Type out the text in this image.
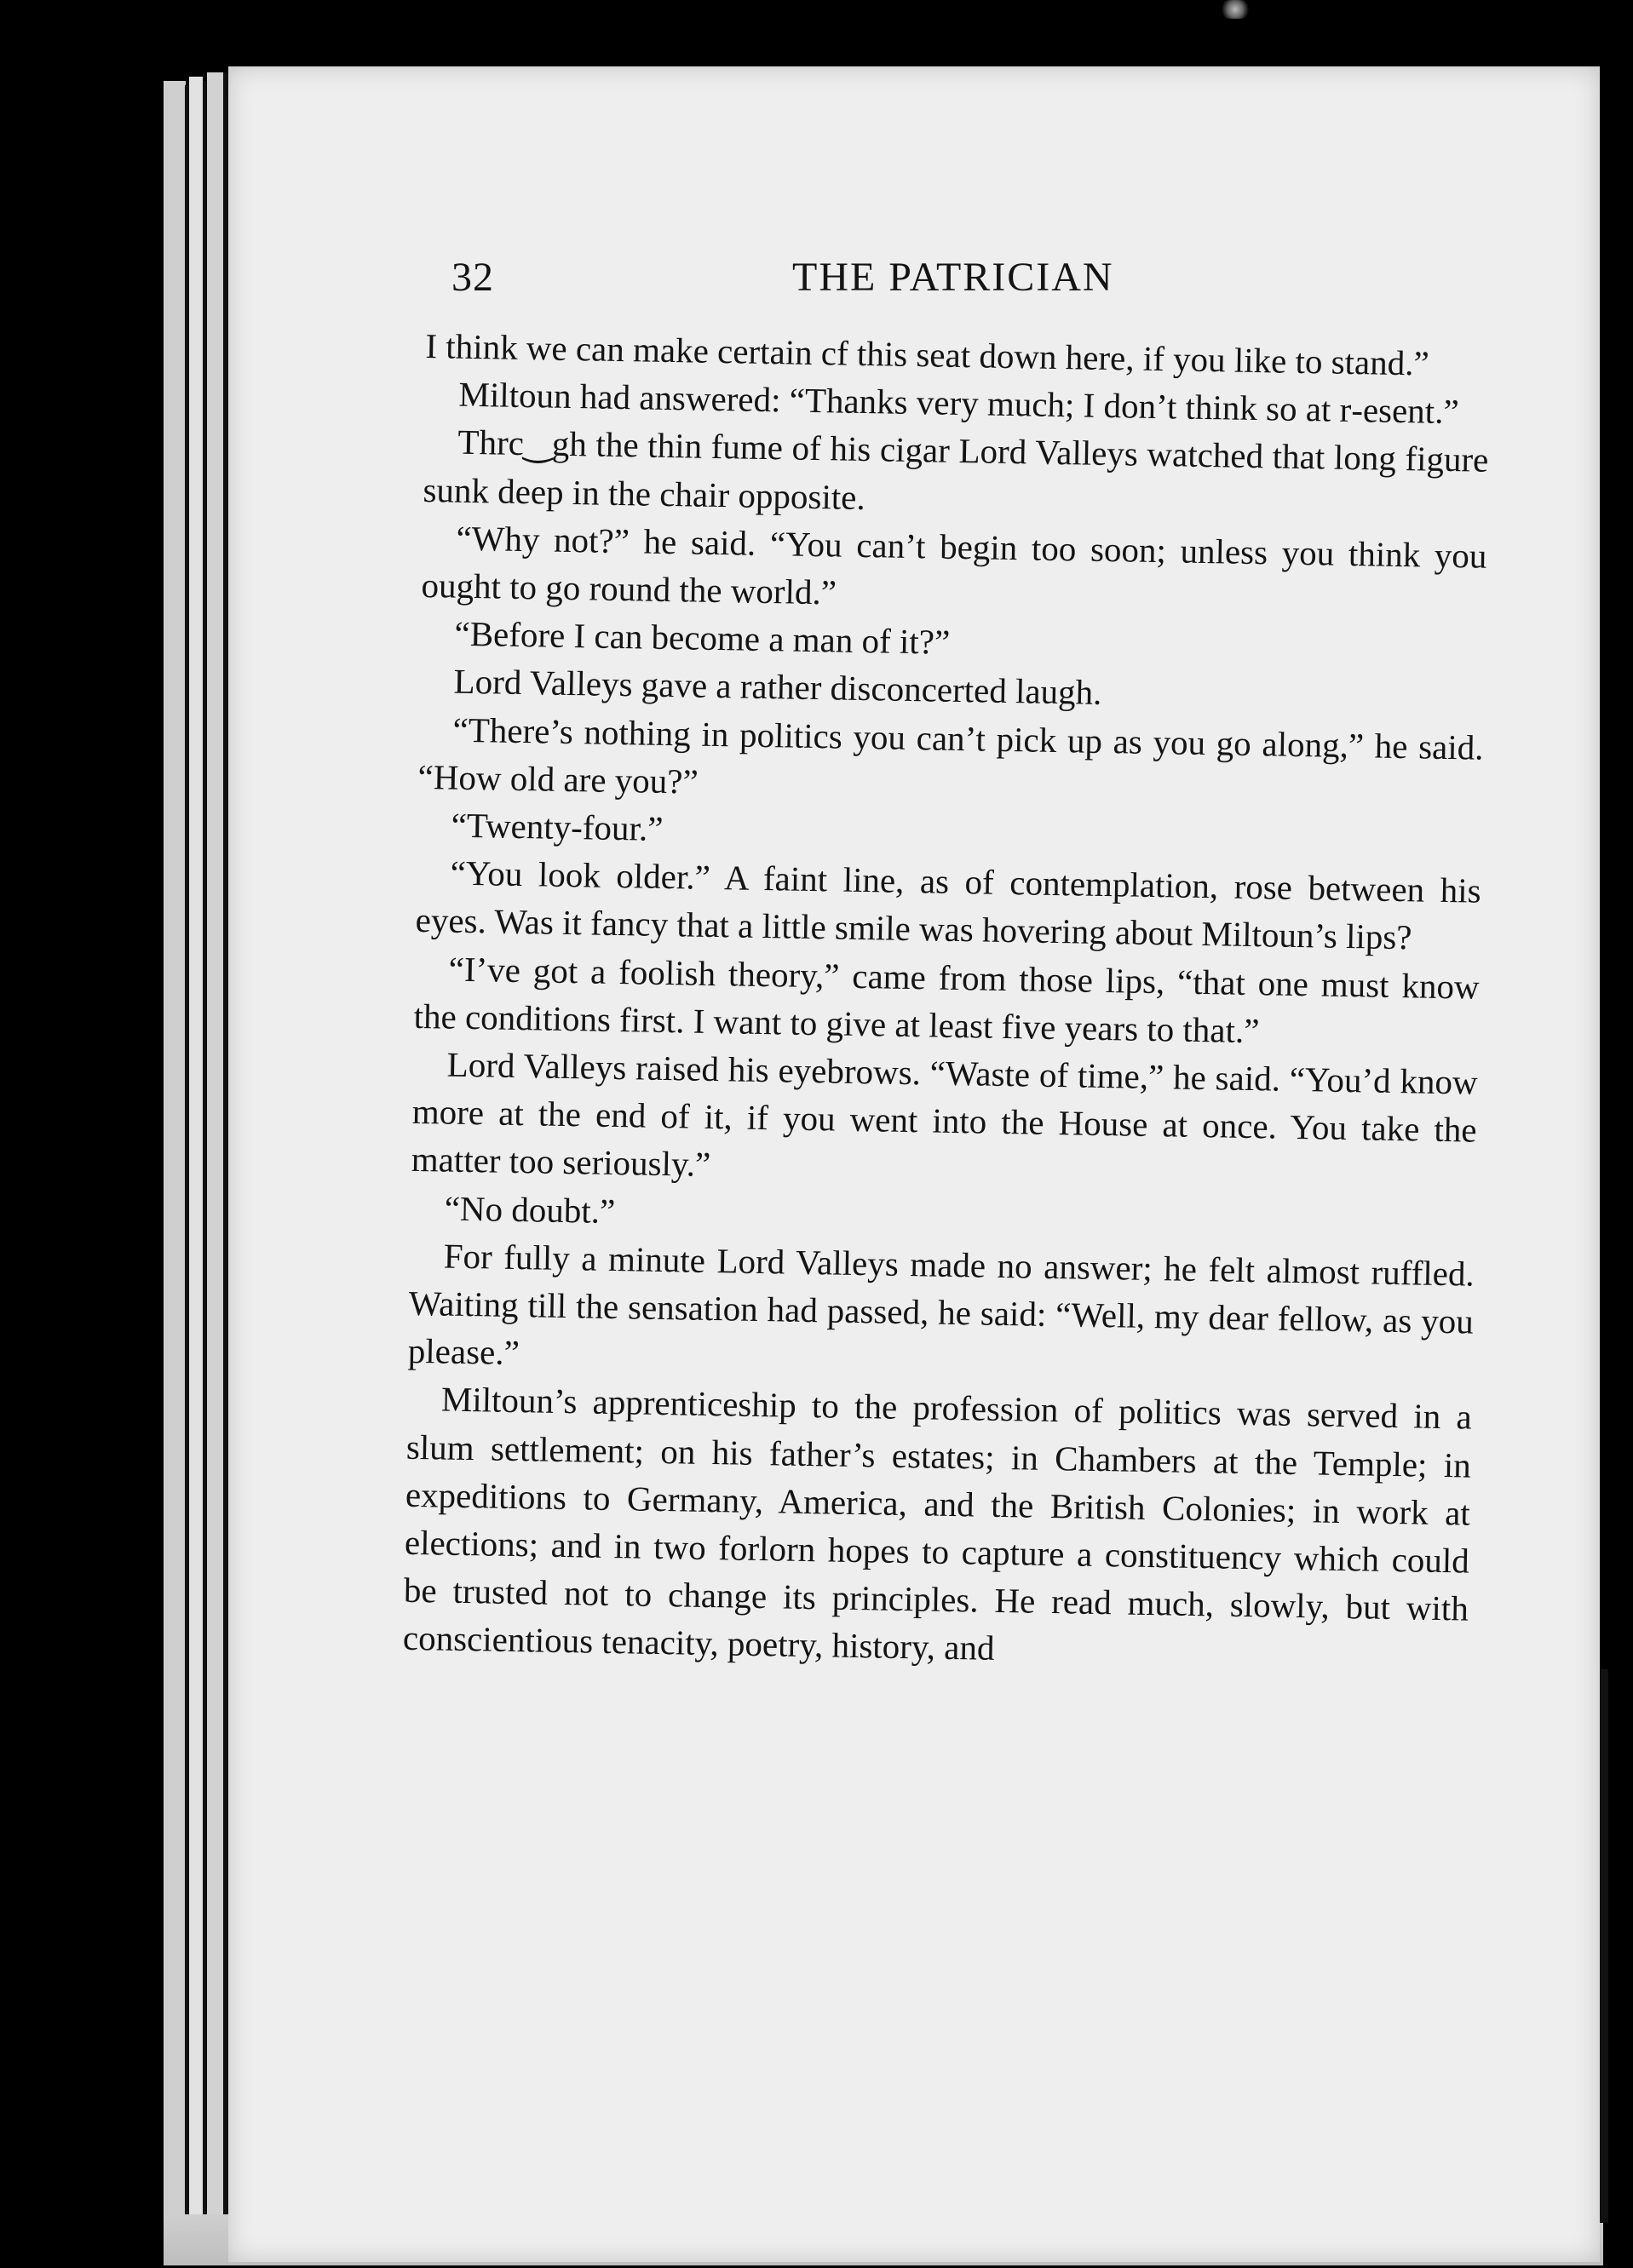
32	THE PATRICIAN

I think we can make certain cf this seat down here, if you like to stand.”

Miltoun had answered: “Thanks very much; I don’t think so at r‑esent.”

Thrc‿gh the thin fume of his cigar Lord Valleys watched that long figure sunk deep in the chair opposite.

“Why not?” he said. “You can’t begin too soon; unless you think you ought to go round the world.”

“Before I can become a man of it?”

Lord Valleys gave a rather disconcerted laugh.

“There’s nothing in politics you can’t pick up as you go along,” he said. “How old are you?”

“Twenty-four.”

“You look older.” A faint line, as of contemplation, rose between his eyes. Was it fancy that a little smile was hovering about Miltoun’s lips?

“I’ve got a foolish theory,” came from those lips, “that one must know the conditions first. I want to give at least five years to that.”

Lord Valleys raised his eyebrows. “Waste of time,” he said. “You’d know more at the end of it, if you went into the House at once. You take the matter too seriously.”

“No doubt.”

For fully a minute Lord Valleys made no answer; he felt almost ruffled. Waiting till the sensation had passed, he said: “Well, my dear fellow, as you please.”

Miltoun’s apprenticeship to the profession of politics was served in a slum settlement; on his father’s estates; in Chambers at the Temple; in expeditions to Germany, America, and the British Colonies; in work at elections; and in two forlorn hopes to capture a constituency which could be trusted not to change its principles. He read much, slowly, but with conscientious tenacity, poetry, history, and
